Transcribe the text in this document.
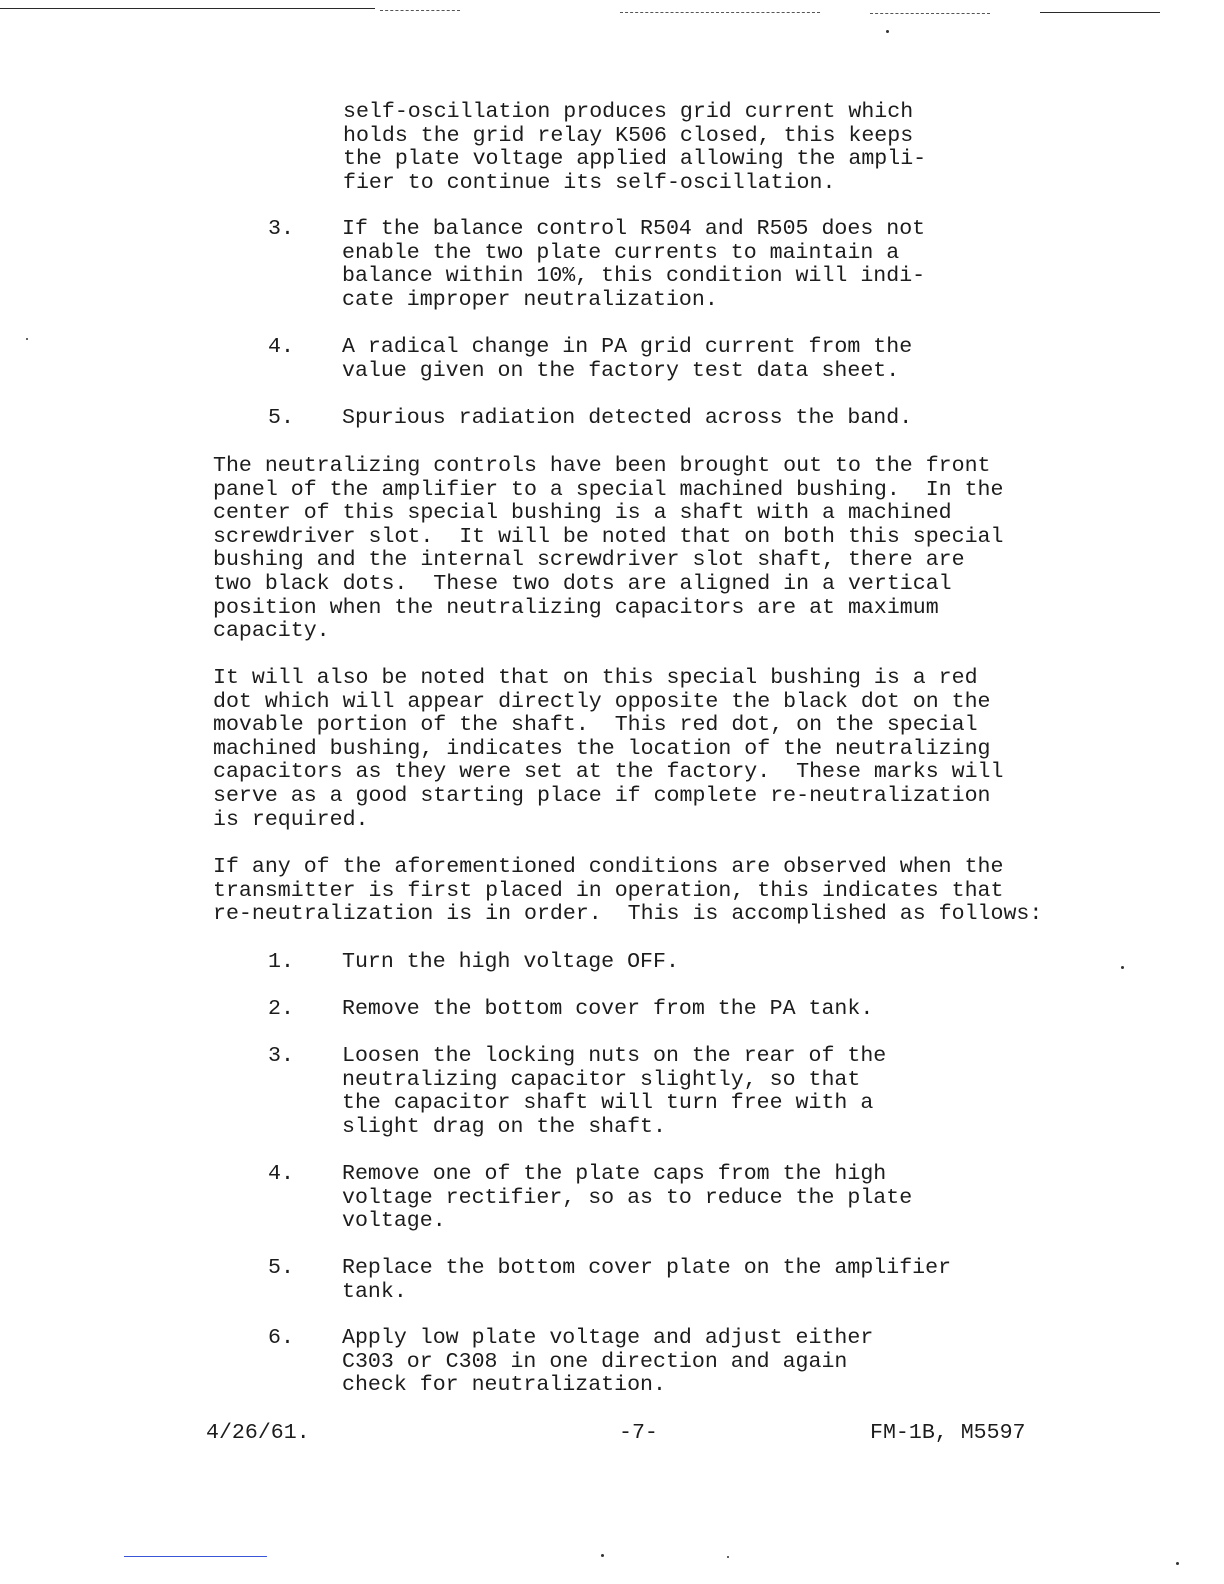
self-oscillation produces grid current which
holds the grid relay K506 closed, this keeps
the plate voltage applied allowing the ampli-
fier to continue its self-oscillation.

3. If the balance control R504 and R505 does not
enable the two plate currents to maintain a
balance within 10%, this condition will indi-
cate improper neutralization.
4. A radical change in PA grid current from the
value given on the factory test data sheet.
5. Spurious radiation detected across the band.

The neutralizing controls have been brought out to the front
panel of the amplifier to a special machined bushing.  In the
center of this special bushing is a shaft with a machined
screwdriver slot.  It will be noted that on both this special
bushing and the internal screwdriver slot shaft, there are
two black dots.  These two dots are aligned in a vertical
position when the neutralizing capacitors are at maximum
capacity.

It will also be noted that on this special bushing is a red
dot which will appear directly opposite the black dot on the
movable portion of the shaft.  This red dot, on the special
machined bushing, indicates the location of the neutralizing
capacitors as they were set at the factory.  These marks will
serve as a good starting place if complete re-neutralization
is required.

If any of the aforementioned conditions are observed when the
transmitter is first placed in operation, this indicates that
re-neutralization is in order.  This is accomplished as follows:

1. Turn the high voltage OFF.
2. Remove the bottom cover from the PA tank.
3. Loosen the locking nuts on the rear of the
neutralizing capacitor slightly, so that
the capacitor shaft will turn free with a
slight drag on the shaft.
4. Remove one of the plate caps from the high
voltage rectifier, so as to reduce the plate
voltage.
5. Replace the bottom cover plate on the amplifier
tank.
6. Apply low plate voltage and adjust either
C303 or C308 in one direction and again
check for neutralization.
4/26/61.	-7-	FM-1B, M5597
